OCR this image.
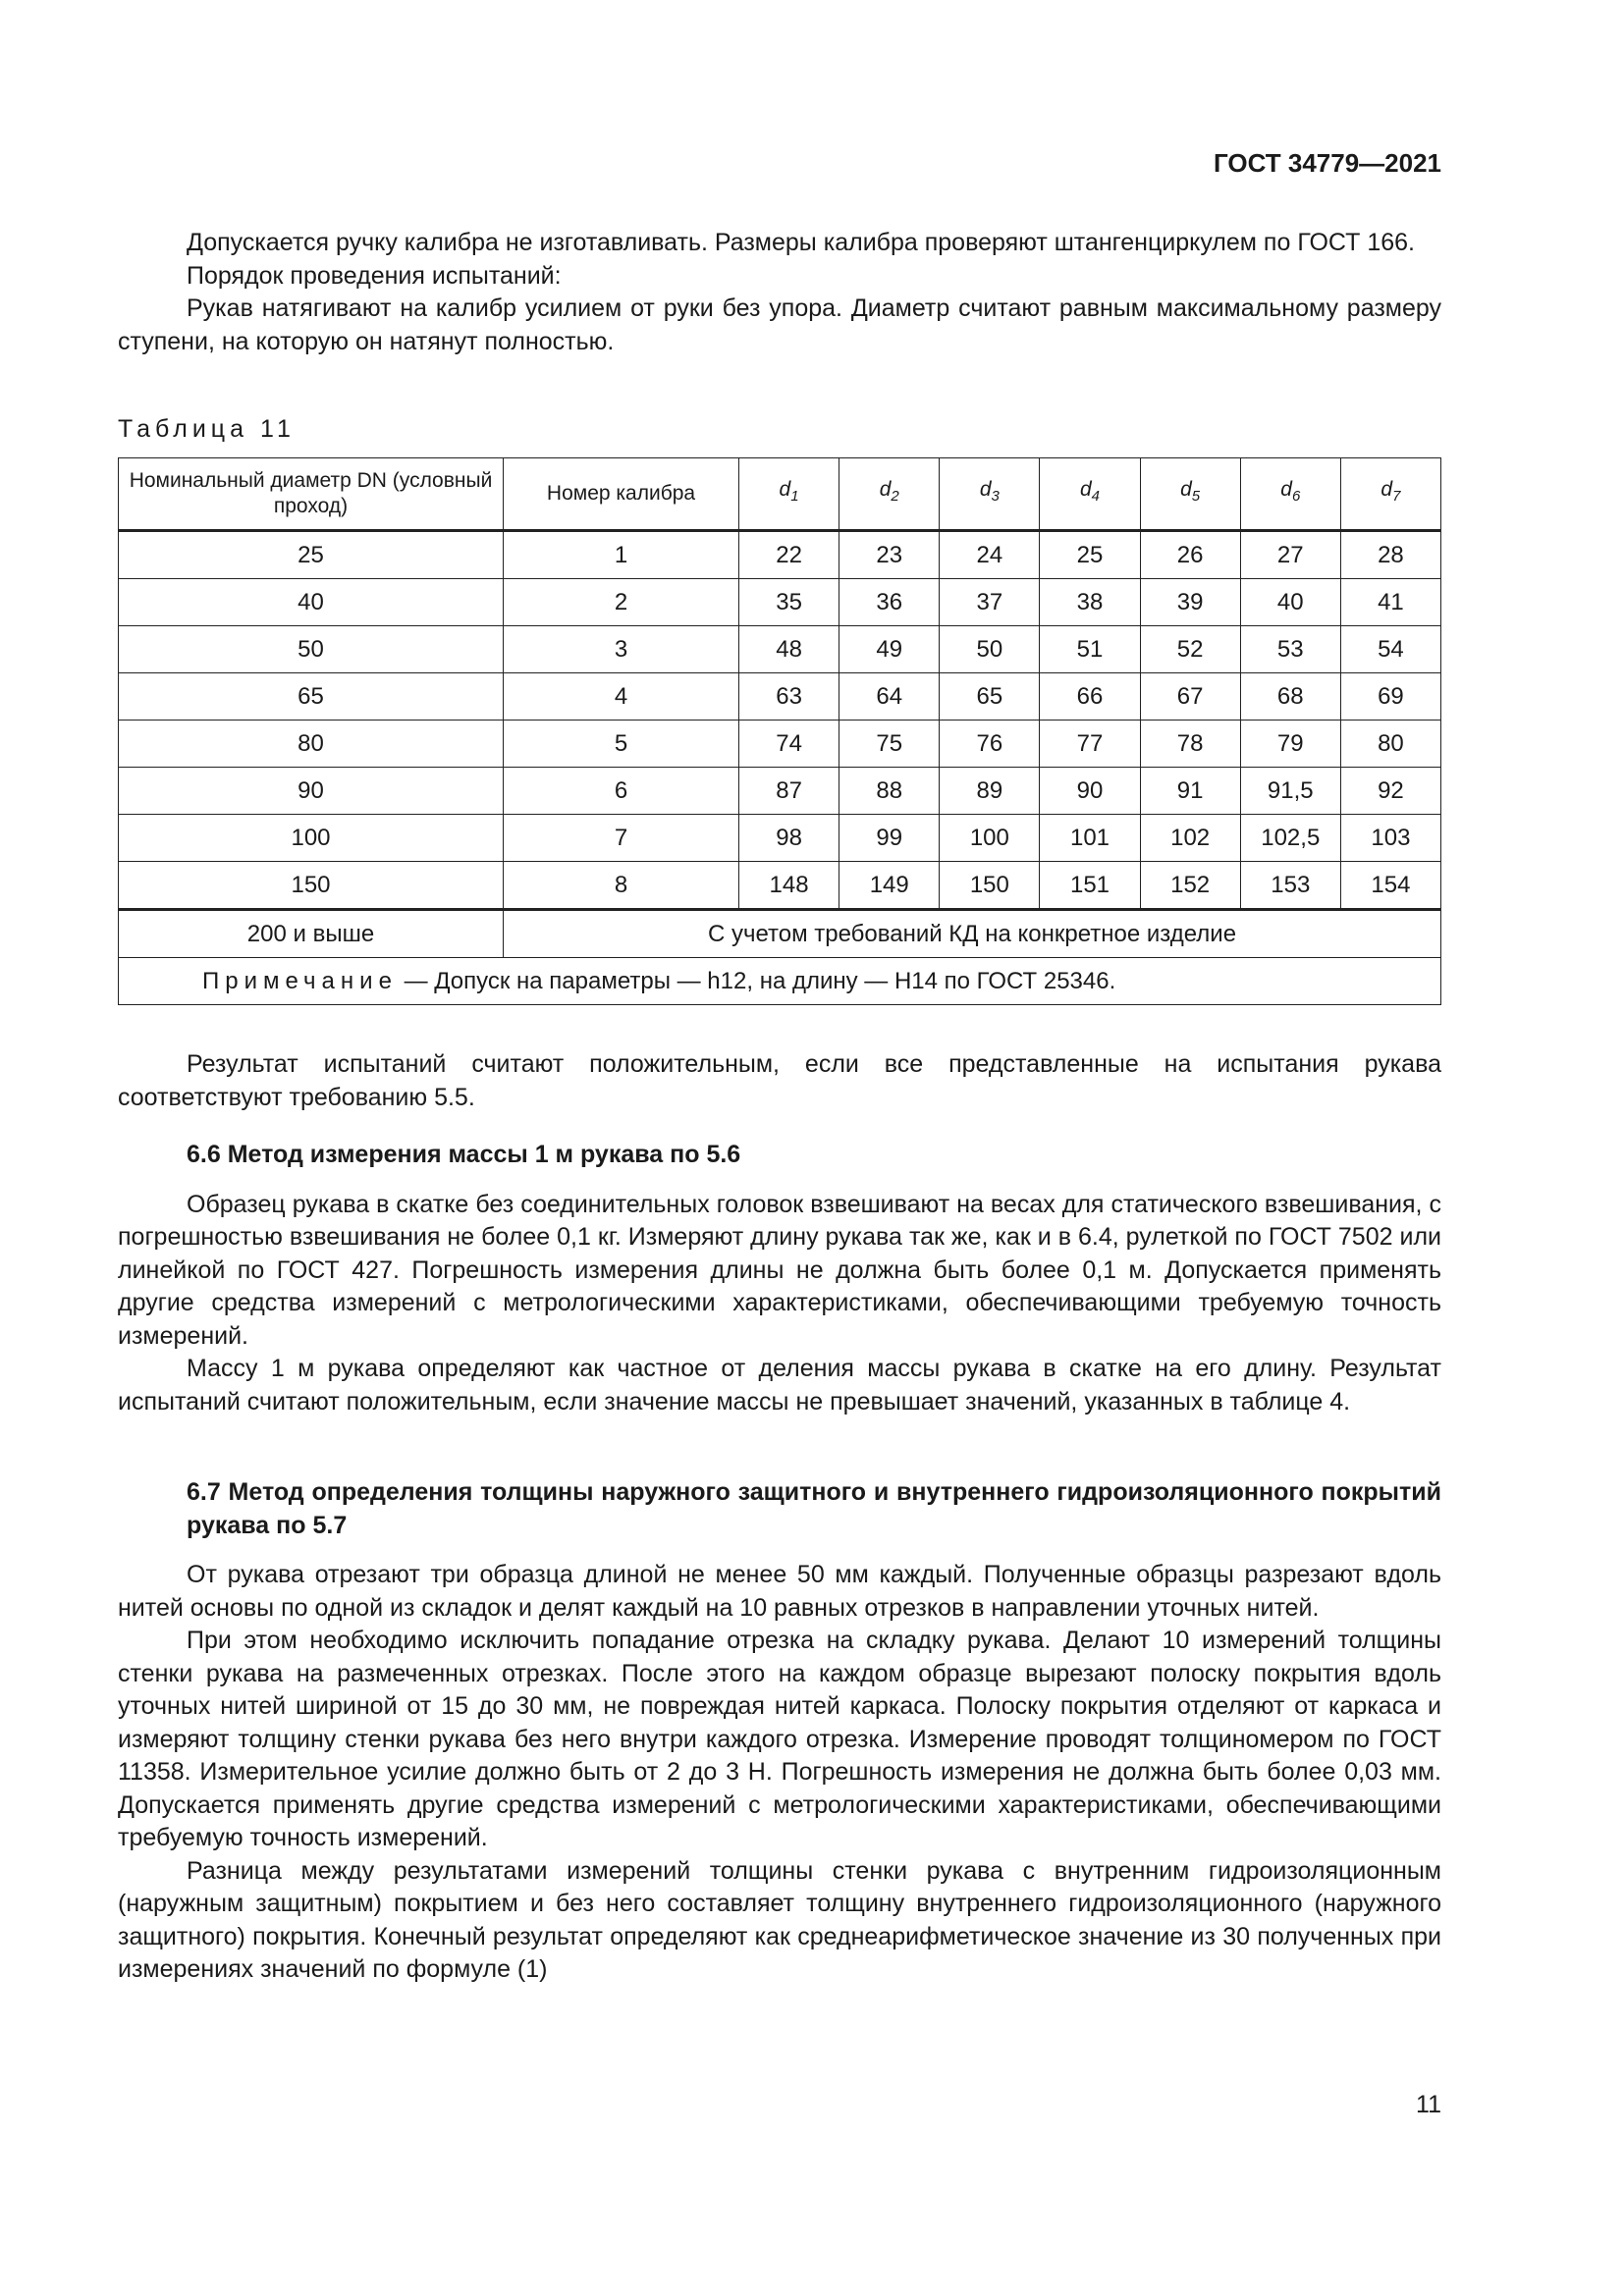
ГОСТ 34779—2021

Допускается ручку калибра не изготавливать. Размеры калибра проверяют штангенциркулем по ГОСТ 166.

Порядок проведения испытаний:

Рукав натягивают на калибр усилием от руки без упора. Диаметр считают равным максимальному размеру ступени, на которую он натянут полностью.

Таблица 11
Номинальный диаметр DN (условный проход)	Номер калибра	$d_1$	$d_2$	$d_3$	$d_4$	$d_5$	$d_6$	$d_7$
25	1	22	23	24	25	26	27	28
40	2	35	36	37	38	39	40	41
50	3	48	49	50	51	52	53	54
65	4	63	64	65	66	67	68	69
80	5	74	75	76	77	78	79	80
90	6	87	88	89	90	91	91,5	92
100	7	98	99	100	101	102	102,5	103
150	8	148	149	150	151	152	153	154
200 и выше	С учетом требований КД на конкретное изделие							
Примечание — Допуск на параметры — h12, на длину — Н14 по ГОСТ 25346.								

Результат испытаний считают положительным, если все представленные на испытания рукава соответствуют требованию 5.5.

6.6 Метод измерения массы 1 м рукава по 5.6

Образец рукава в скатке без соединительных головок взвешивают на весах для статического взвешивания, с погрешностью взвешивания не более 0,1 кг. Измеряют длину рукава так же, как и в 6.4, рулеткой по ГОСТ 7502 или линейкой по ГОСТ 427. Погрешность измерения длины не должна быть более 0,1 м. Допускается применять другие средства измерений с метрологическими характеристиками, обеспечивающими требуемую точность измерений.

Массу 1 м рукава определяют как частное от деления массы рукава в скатке на его длину. Результат испытаний считают положительным, если значение массы не превышает значений, указанных в таблице 4.

6.7 Метод определения толщины наружного защитного и внутреннего гидроизоляционного покрытий рукава по 5.7

От рукава отрезают три образца длиной не менее 50 мм каждый. Полученные образцы разрезают вдоль нитей основы по одной из складок и делят каждый на 10 равных отрезков в направлении уточных нитей.

При этом необходимо исключить попадание отрезка на складку рукава. Делают 10 измерений толщины стенки рукава на размеченных отрезках. После этого на каждом образце вырезают полоску покрытия вдоль уточных нитей шириной от 15 до 30 мм, не повреждая нитей каркаса. Полоску покрытия отделяют от каркаса и измеряют толщину стенки рукава без него внутри каждого отрезка. Измерение проводят толщиномером по ГОСТ 11358. Измерительное усилие должно быть от 2 до 3 Н. Погрешность измерения не должна быть более 0,03 мм. Допускается применять другие средства измерений с метрологическими характеристиками, обеспечивающими требуемую точность измерений.

Разница между результатами измерений толщины стенки рукава с внутренним гидроизоляционным (наружным защитным) покрытием и без него составляет толщину внутреннего гидроизоляционного (наружного защитного) покрытия. Конечный результат определяют как среднеарифметическое значение из 30 полученных при измерениях значений по формуле (1)

11
